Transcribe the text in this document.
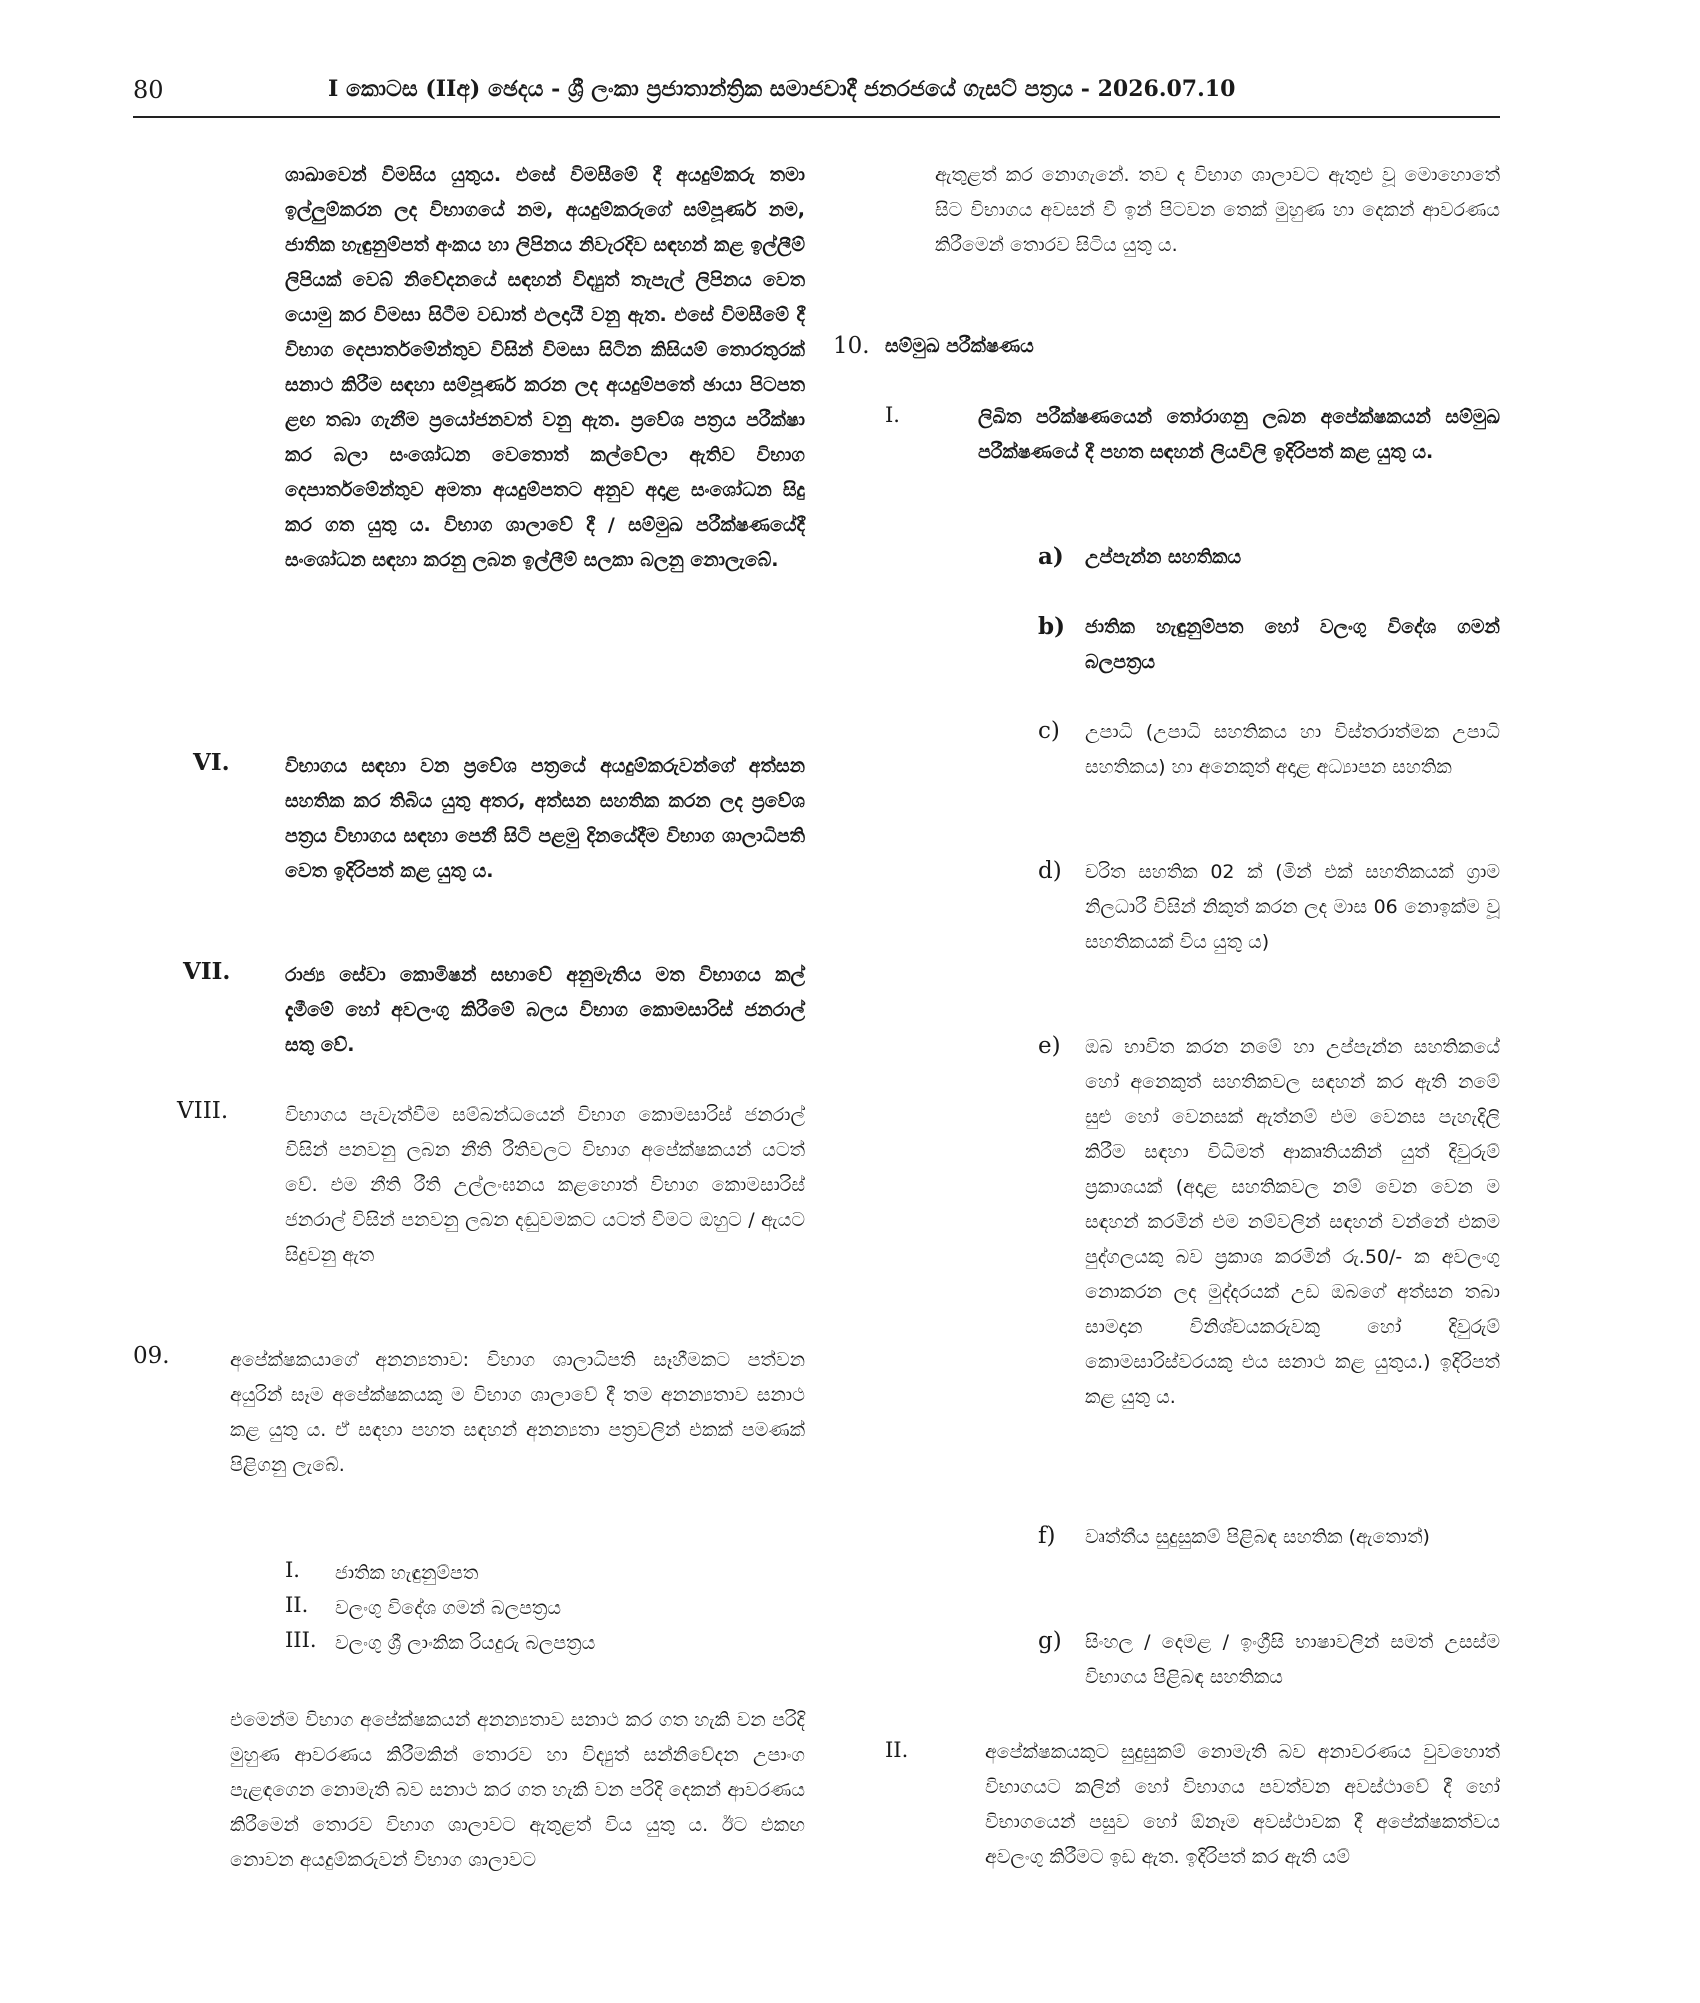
80	I කොටස (IIඅ) ඡෙදය - ශ්‍රී ලංකා ප්‍රජාතාන්ත්‍රික සමාජවාදී ජනරජයේ ගැසට් පත්‍රය - 2026.07.10
ශාඛාවෙන් විමසිය යුතුය. එසේ විමසීමේ දී අයදුම්කරු තමා ඉල්ලුම්කරන ලද විභාගයේ නම, අයදුම්කරුගේ සම්පූර්ණ නම, ජාතික හැඳුනුම්පත් අංකය හා ලිපිනය නිවැරදිව සඳහන් කළ ඉල්ලීම් ලිපියක් වෙබ් නිවේදනයේ සඳහන් විද්‍යුත් තැපැල් ලිපිනය වෙත යොමු කර විමසා සිටීම වඩාත් ඵලදායී වනු ඇත. එසේ විමසීමේ දී විභාග දෙපාර්තමේන්තුව විසින් විමසා සිටින කිසියම් තොරතුරක් සනාථ කිරීම සඳහා සම්පූර්ණ කරන ලද අයදුම්පතේ ඡායා පිටපත ළඟ තබා ගැනීම ප්‍රයෝජනවත් වනු ඇත. ප්‍රවේශ පත්‍රය පරීක්ෂා කර බලා සංශෝධන වෙතොත් කල්වේලා ඇතිව විභාග දෙපාර්තමේන්තුව අමතා අයදුම්පතට අනුව අදාළ සංශෝධන සිදු කර ගත යුතු ය. විභාග ශාලාවේ දී / සම්මුඛ පරීක්ෂණයේදී සංශෝධන සඳහා කරනු ලබන ඉල්ලීම් සලකා බලනු නොලැබේ.
VI.	විභාගය සඳහා වන ප්‍රවේශ පත්‍රයේ අයදුම්කරුවන්ගේ අත්සන සහතික කර තිබිය යුතු අතර, අත්සන සහතික කරන ලද ප්‍රවේශ පත්‍රය විභාගය සඳහා පෙනී සිටි පළමු දිනයේදීම විභාග ශාලාධිපති වෙත ඉදිරිපත් කළ යුතු ය.
VII.	රාජ්‍ය සේවා කොමිෂන් සභාවේ අනුමැතිය මත විභාගය කල් දැමීමේ හෝ අවලංගු කිරීමේ බලය විභාග කොමසාරිස් ජනරාල් සතු වේ.
VIII.	විභාගය පැවැත්වීම සම්බන්ධයෙන් විභාග කොමසාරිස් ජනරාල් විසින් පනවනු ලබන නීති රීතිවලට විභාග අපේක්ෂකයන් යටත් වේ. එම නීති රීති උල්ලංඝනය කළහොත් විභාග කොමසාරිස් ජනරාල් විසින් පනවනු ලබන දඬුවමකට යටත් වීමට ඔහුට / ඇයට සිදුවනු ඇත
09.	අපේක්ෂකයාගේ අනන්‍යතාව: විභාග ශාලාධිපති සෑහීමකට පත්වන අයුරින් සෑම අපේක්ෂකයකු ම විභාග ශාලාවේ දී තම අනන්‍යතාව සනාථ කළ යුතු ය. ඒ සඳහා පහත සඳහන් අනන්‍යතා පත්‍රවලින් එකක් පමණක් පිළිගනු ලැබේ.
I. ජාතික හැඳුනුම්පත
II. වලංගු විදේශ ගමන් බලපත්‍රය
III. වලංගු ශ්‍රී ලාංකික රියදුරු බලපත්‍රය
එමෙන්ම විභාග අපේක්ෂකයන් අනන්‍යතාව සනාථ කර ගත හැකි වන පරිදි මුහුණ ආවරණය කිරීමකින් තොරව හා විද්‍යුත් සන්නිවේදන උපාංග පැළඳගෙන නොමැති බව සනාථ කර ගත හැකි වන පරිදි දෙකන් ආවරණය කිරීමෙන් තොරව විභාග ශාලාවට ඇතුළත් විය යුතු ය. ඊට එකඟ නොවන අයදුම්කරුවන් විභාග ශාලාවට
ඇතුළත් කර නොගැනේ. තව ද විභාග ශාලාවට ඇතුළු වූ මොහොතේ සිට විභාගය අවසන් වී ඉන් පිටවන තෙක් මුහුණ හා දෙකන් ආවරණය කිරීමෙන් තොරව සිටිය යුතු ය.
10. සම්මුඛ පරීක්ෂණය
I.	ලිඛිත පරීක්ෂණයෙන් තෝරාගනු ලබන අපේක්ෂකයන් සම්මුඛ පරීක්ෂණයේ දී පහත සඳහන් ලියවිලි ඉදිරිපත් කළ යුතු ය.
a) උප්පැන්න සහතිකය
b) ජාතික හැඳුනුම්පත හෝ වලංගු විදේශ ගමන් බලපත්‍රය
c) උපාධි (උපාධි සහතිකය හා විස්තරාත්මක උපාධි සහතිකය) හා අනෙකුත් අදාළ අධ්‍යාපන සහතික
d) චරිත සහතික 02 ක් (මින් එක් සහතිකයක් ග්‍රාම නිලධාරී විසින් නිකුත් කරන ලද මාස 06 නොඉක්ම වූ සහතිකයක් විය යුතු ය)
e) ඔබ භාවිත කරන නමේ හා උප්පැන්න සහතිකයේ හෝ අනෙකුත් සහතිකවල සඳහන් කර ඇති නමේ සුළු හෝ වෙනසක් ඇත්නම් එම වෙනස පැහැදිලි කිරීම සඳහා විධිමත් ආකෘතියකින් යුත් දිවුරුම් ප්‍රකාශයක් (අදාළ සහතිකවල නම් වෙන වෙන ම සඳහන් කරමින් එම නම්වලින් සඳහන් වන්නේ එකම පුද්ගලයකු බව ප්‍රකාශ කරමින් රු.50/- ක අවලංගු නොකරන ලද මුද්දරයක් උඩ ඔබගේ අත්සන තබා සාමදාන විනිශ්චයකරුවකු හෝ දිවුරුම් කොමසාරිස්වරයකු එය සනාථ කළ යුතුය.) ඉදිරිපත් කළ යුතු ය.
f) වෘත්තීය සුදුසුකම් පිළිබඳ සහතික (ඇතොත්)
g) සිංහල / දෙමළ / ඉංග්‍රීසි භාෂාවලින් සමත් උසස්ම විභාගය පිළිබඳ සහතිකය
II.	අපේක්ෂකයකුට සුදුසුකම් නොමැති බව අනාවරණය වුවහොත් විභාගයට කලින් හෝ විභාගය පවත්වන අවස්ථාවේ දී හෝ විභාගයෙන් පසුව හෝ ඕනෑම අවස්ථාවක දී අපේක්ෂකත්වය අවලංගු කිරීමට ඉඩ ඇත. ඉදිරිපත් කර ඇති යම්
